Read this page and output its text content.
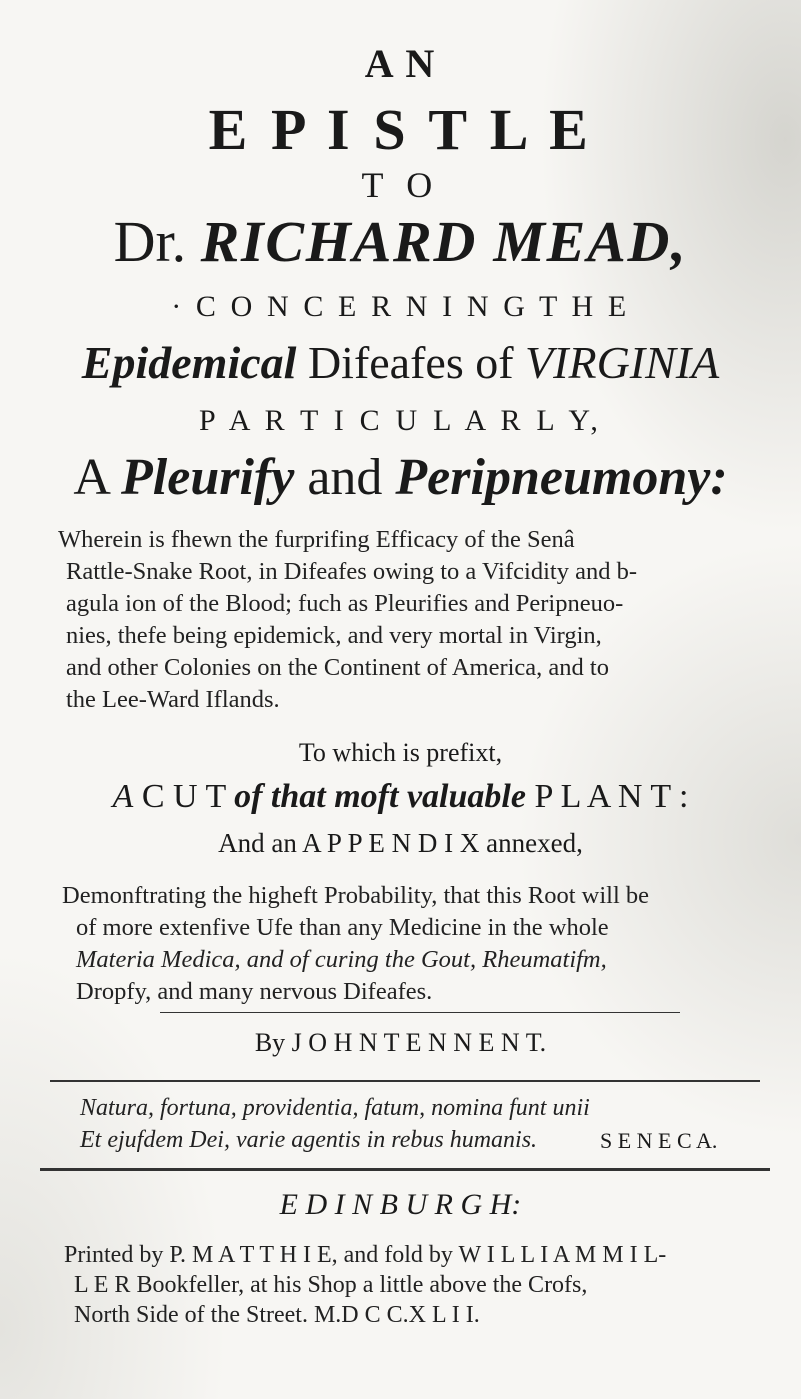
A N
E P I S T L E
T O
Dr. RICHARD MEAD,
· C O N C E R N I N G T H E
Epidemical Difeafes of VIRGINIA
P A R T I C U L A R L Y,
A Pleurify and Peripneumony:
Wherein is fhewn the furprifing Efficacy of the Senâ
Rattle-Snake Root, in Difeafes owing to a Vifcidity and b-
agula ion of the Blood; fuch as Pleurifies and Peripneuo-
nies, thefe being epidemick, and very mortal in Virgin,
and other Colonies on the Continent of America, and to
the Lee-Ward Iflands.
To which is prefixt,
A C U T of that moft valuable P L A N T :
And an A P P E N D I X annexed,
Demonftrating the higheft Probability, that this Root will be
of more extenfive Ufe than any Medicine in the whole
Materia Medica, and of curing the Gout, Rheumatifm,
Dropfy, and many nervous Difeafes.
By J O H N T E N N E N T.
Natura, fortuna, providentia, fatum, nomina funt unii
Et ejufdem Dei, varie agentis in rebus humanis.	S E N E C A.
E D I N B U R G H:
Printed by P. M A T T H I E, and fold by W I L L I A M M I L-
L E R Bookfeller, at his Shop a little above the Crofs,
North Side of the Street. M.D C C.X L I I.
